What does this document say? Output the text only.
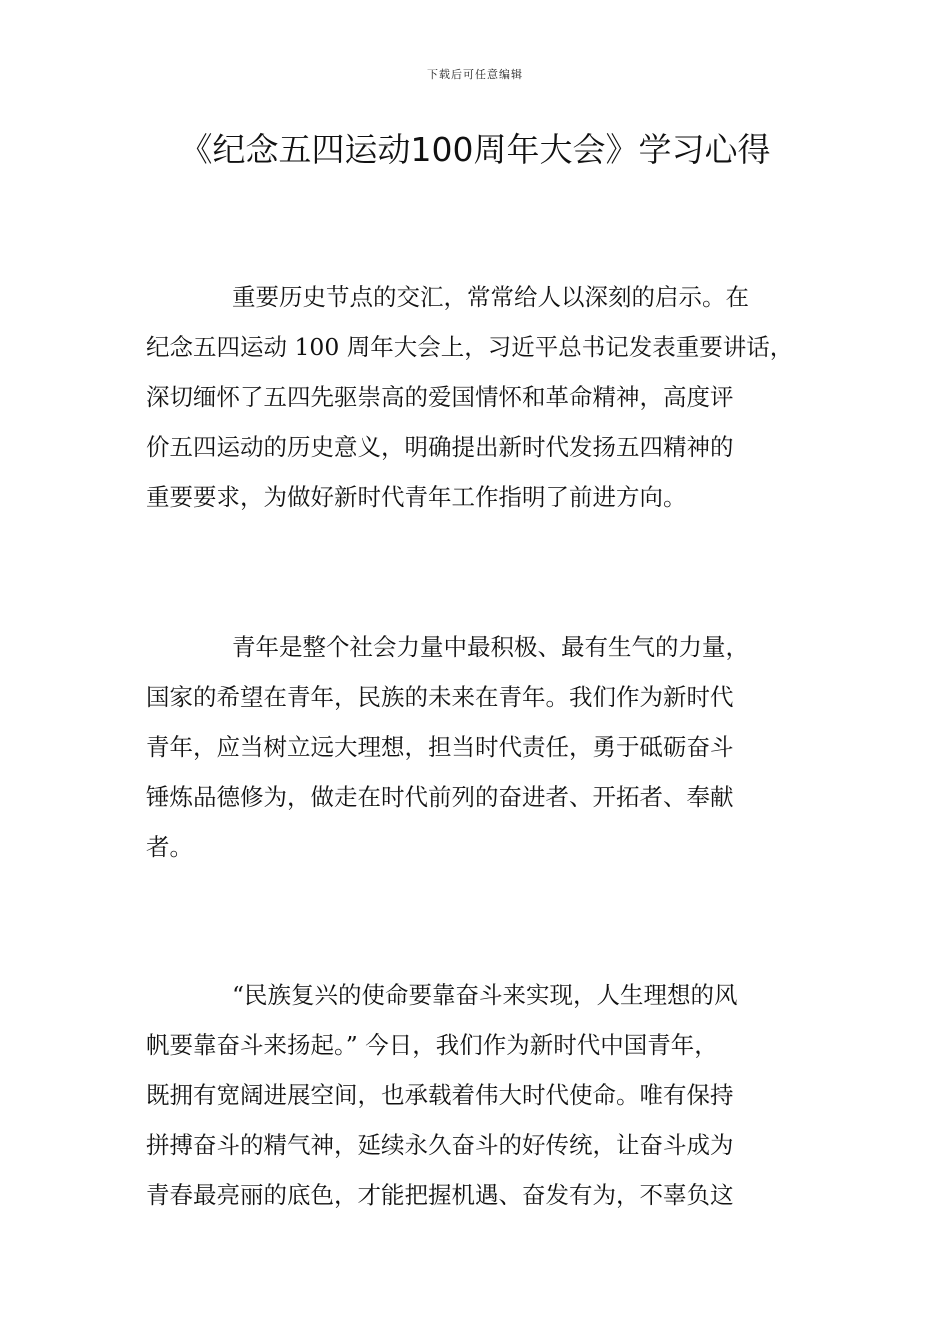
下载后可任意编辑
《纪念五四运动100周年大会》学习心得
重要历史节点的交汇，常常给人以深刻的启示。在
纪念五四运动 100 周年大会上，习近平总书记发表重要讲话，
深切缅怀了五四先驱崇高的爱国情怀和革命精神，高度评
价五四运动的历史意义，明确提出新时代发扬五四精神的
重要要求，为做好新时代青年工作指明了前进方向。
青年是整个社会力量中最积极、最有生气的力量，
国家的希望在青年，民族的未来在青年。我们作为新时代
青年，应当树立远大理想，担当时代责任，勇于砥砺奋斗
锤炼品德修为，做走在时代前列的奋进者、开拓者、奉献
者。
“民族复兴的使命要靠奋斗来实现，人生理想的风
帆要靠奋斗来扬起。” 今日，我们作为新时代中国青年，
既拥有宽阔进展空间，也承载着伟大时代使命。唯有保持
拼搏奋斗的精气神，延续永久奋斗的好传统，让奋斗成为
青春最亮丽的底色，才能把握机遇、奋发有为，不辜负这
